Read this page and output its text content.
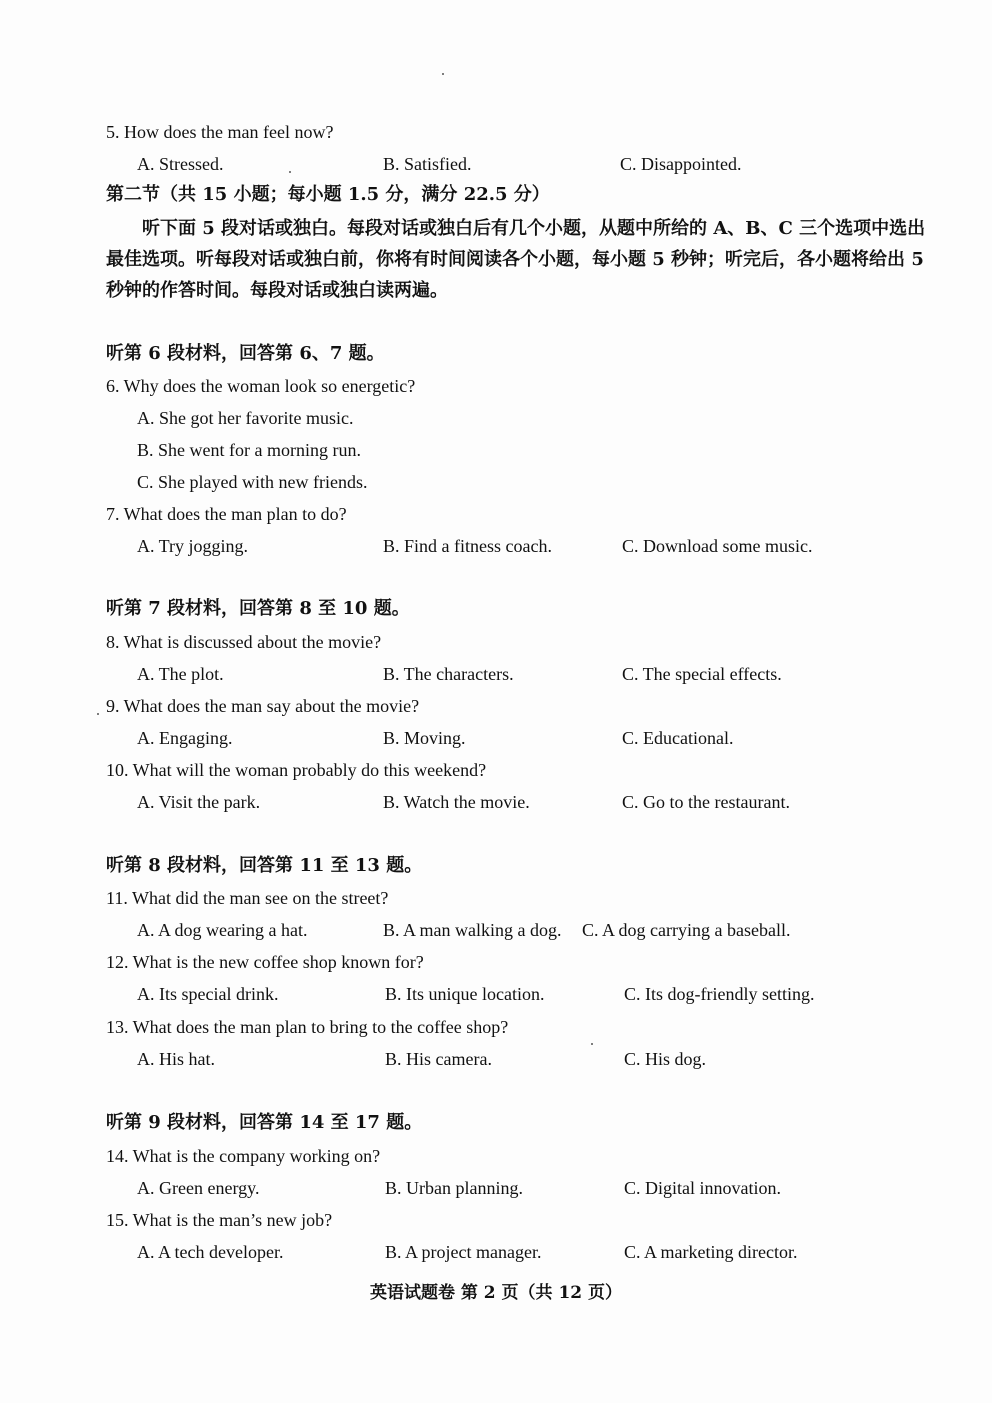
5. How does the man feel now?
A. Stressed.	B. Satisfied.	C. Disappointed.
第二节（共 15 小题；每小题 1.5 分，满分 22.5 分）
听下面 5 段对话或独白。每段对话或独白后有几个小题，从题中所给的 A、B、C 三个选项中选出最佳选项。听每段对话或独白前，你将有时间阅读各个小题，每小题 5 秒钟；听完后，各小题将给出 5 秒钟的作答时间。每段对话或独白读两遍。
听第 6 段材料，回答第 6、7 题。
6. Why does the woman look so energetic?
A. She got her favorite music.
B. She went for a morning run.
C. She played with new friends.
7. What does the man plan to do?
A. Try jogging.	B. Find a fitness coach.	C. Download some music.
听第 7 段材料，回答第 8 至 10 题。
8. What is discussed about the movie?
A. The plot.	B. The characters.	C. The special effects.
9. What does the man say about the movie?
A. Engaging.	B. Moving.	C. Educational.
10. What will the woman probably do this weekend?
A. Visit the park.	B. Watch the movie.	C. Go to the restaurant.
听第 8 段材料，回答第 11 至 13 题。
11. What did the man see on the street?
A. A dog wearing a hat.	B. A man walking a dog. C. A dog carrying a baseball.
12. What is the new coffee shop known for?
A. Its special drink.	B. Its unique location.	C. Its dog-friendly setting.
13. What does the man plan to bring to the coffee shop?
A. His hat.	B. His camera.	C. His dog.
听第 9 段材料，回答第 14 至 17 题。
14. What is the company working on?
A. Green energy.	B. Urban planning.	C. Digital innovation.
15. What is the man’s new job?
A. A tech developer.	B. A project manager.	C. A marketing director.
英语试题卷 第 2 页（共 12 页）
